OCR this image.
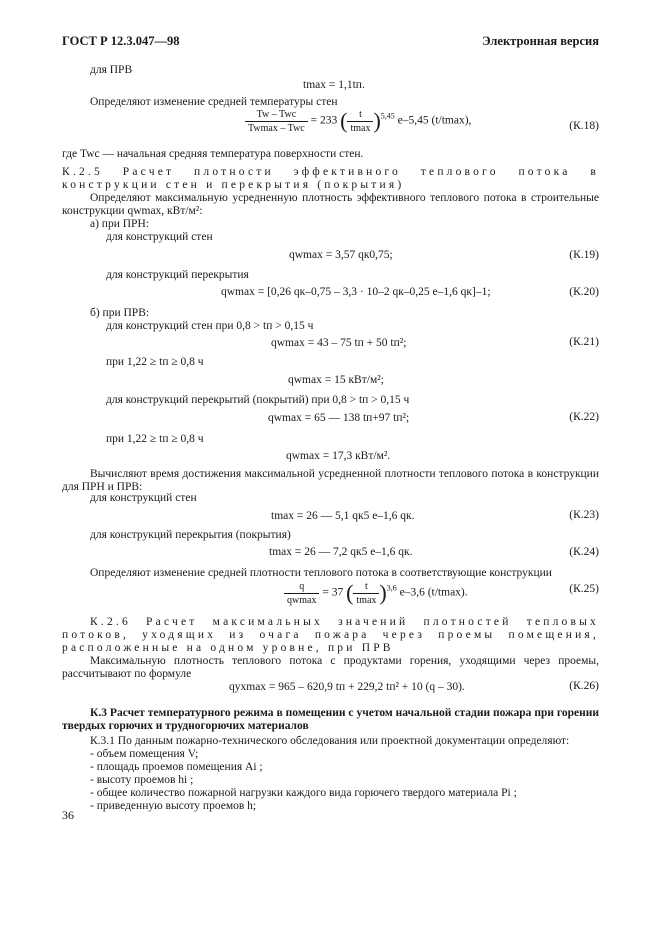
ГОСТ Р 12.3.047—98	Электронная версия
для ПРВ
tmax = 1,1tп.
Определяют изменение средней температуры стен
$\frac{\text{Tw – Twc}}{\text{Twmax – Twc}} = 233$ ( $\frac{t}{tmax} )^{5,45}$ e–5,45 (t/tmax),	(К.18)
где Twc — начальная средняя температура поверхности стен.
К.2.5 Расчет плотности эффективного теплового потока в конструкции стен и перекрытия (покрытия)
Определяют максимальную усредненную плотность эффективного теплового потока в строительные конструкции qwmax, кВт/м²:
а) при ПРН:
для конструкций стен
qwmax = 3,57 qк0,75;	(К.19)
для конструкций перекрытия
qwmax = [0,26 qк–0,75 – 3,3 · 10–2 qк–0,25 e–1,6 qк]–1;	(К.20)
б) при ПРВ:
для конструкций стен при 0,8 > tп > 0,15 ч
qwmax = 43 – 75 tп + 50 tп²;	(К.21)
при 1,22 ≥ tп ≥ 0,8 ч
qwmax = 15 кВт/м²;
для конструкций перекрытий (покрытий) при 0,8 > tп > 0,15 ч
qwmax = 65 — 138 tп+97 tп²;	(К.22)
при 1,22 ≥ tп ≥ 0,8 ч
qwmax = 17,3 кВт/м².
Вычисляют время достижения максимальной усредненной плотности теплового потока в конструкции для ПРН и ПРВ:
для конструкций стен
tmax = 26 — 5,1 qк5 e–1,6 qк.	(К.23)
для конструкций перекрытия (покрытия)
tmax = 26 — 7,2 qк5 e–1,6 qк.	(К.24)
Определяют изменение средней плотности теплового потока в соответствующие конструкции
$\frac{q}{qwmax} = 37$ ( $\frac{t}{tmax} )^{3,6}$ e–3,6 (t/tmax).	(К.25)
К.2.6 Расчет максимальных значений плотностей тепловых потоков, уходящих из очага пожара через проемы помещения, расположенные на одном уровне, при ПРВ
Максимальную плотность теплового потока с продуктами горения, уходящими через проемы, рассчитывают по формуле
qухmax = 965 – 620,9 tп + 229,2 tп² + 10 (q – 30).	(К.26)
К.3 Расчет температурного режима в помещении с учетом начальной стадии пожара при горении твердых горючих и трудногорючих материалов
К.3.1 По данным пожарно-технического обследования или проектной документации определяют:
- объем помещения V;
- площадь проемов помещения Ai ;
- высоту проемов hi ;
- общее количество пожарной нагрузки каждого вида горючего твердого материала Pi ;
- приведенную высоту проемов h;
36
